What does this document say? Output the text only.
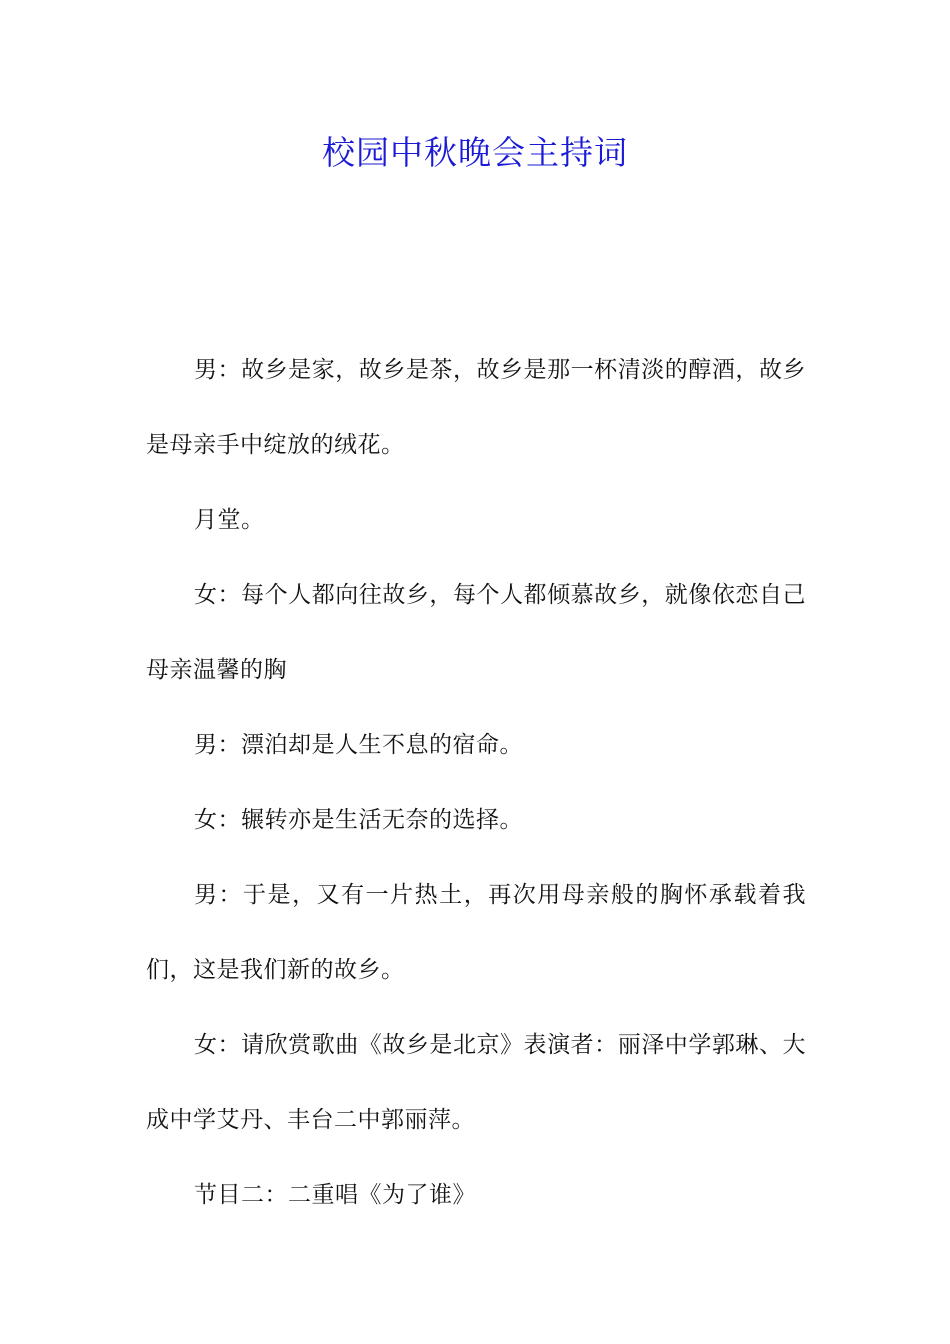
校园中秋晚会主持词

男：故乡是家，故乡是茶，故乡是那一杯清淡的醇酒，故乡是母亲手中绽放的绒花。

月堂。

女：每个人都向往故乡，每个人都倾慕故乡，就像依恋自己母亲温馨的胸

男：漂泊却是人生不息的宿命。

女：辗转亦是生活无奈的选择。

男：于是，又有一片热土，再次用母亲般的胸怀承载着我们，这是我们新的故乡。

女：请欣赏歌曲《故乡是北京》表演者：丽泽中学郭琳、大成中学艾丹、丰台二中郭丽萍。

节目二：二重唱《为了谁》
